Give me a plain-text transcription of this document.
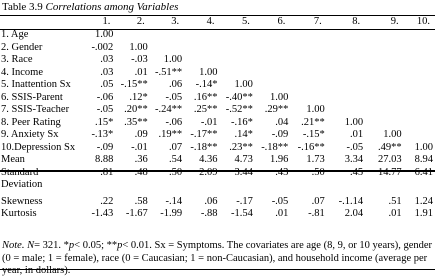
Table 3.9 Correlations among Variables
	1.	2.	3.	4.	5.	6.	7.	8.	9.	10.
1. Age	1.00									
2. Gender	-.002	1.00								
3. Race	.03	-.03	1.00							
4. Income	.03	.01	-.51**	1.00						
5. Inattention Sx	.05	-.15**	.06	-.14*	1.00					
6. SSIS-Parent	-.06	.12*	-.05	.16**	-.40**	1.00				
7. SSIS-Teacher	-.05	.20**	-.24**	.25**	-.52**	.29**	1.00			
8. Peer Rating	.15*	.35**	-.06	-.01	-.16*	.04	.21**	1.00		
9. Anxiety Sx	-.13*	.09	.19**	-.17**	.14*	-.09	-.15*	.01	1.00	
10.Depression Sx	-.09	-.01	.07	-.18**	.23**	-.18**	-.16**	-.05	.49**	1.00
Mean	8.88	.36	.54	4.36	4.73	1.96	1.73	3.34	27.03	8.94
Standard	.81	.48	.50	2.09	3.44	.43	.50	.45	14.77	6.41
Deviation										

Skewness	.22	.58	-.14	.06	-.17	-.05	.07	-.1.14	.51	1.24
Kurtosis	-1.43	-1.67	-1.99	-.88	-1.54	.01	-.81	2.04	.01	1.91
Note. N= 321. *p< 0.05; **p< 0.01. Sx = Symptoms. The covariates are age (8, 9, or 10 years), gender (0 = male; 1 = female), race (0 = Caucasian; 1 = non-Caucasian), and household income (average per year, in dollars).
